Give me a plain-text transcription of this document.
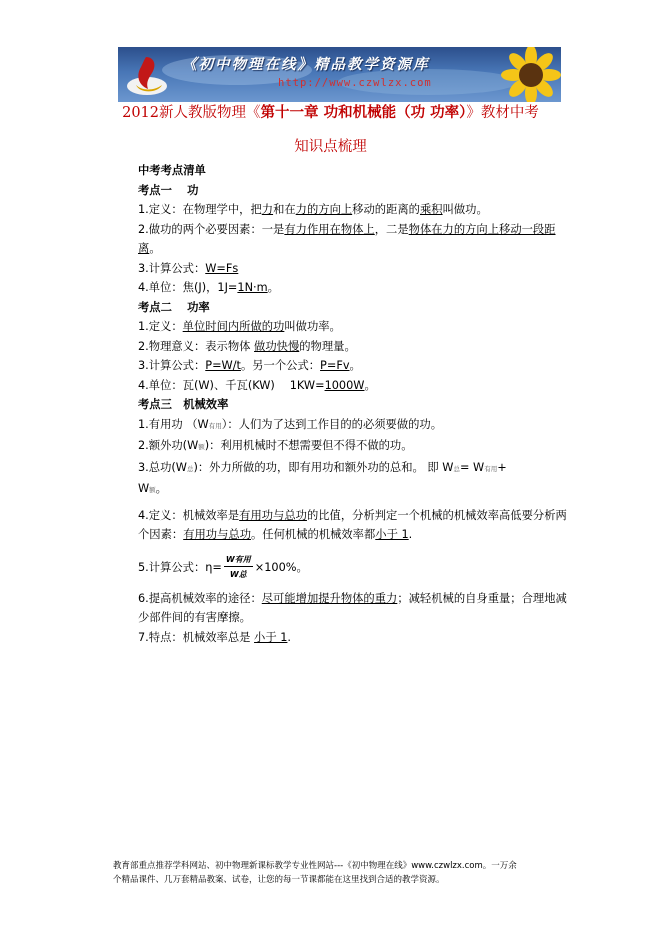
《初中物理在线》精品教学资源库
http://www.czwlzx.com
2012新人教版物理《第十一章 功和机械能（功 功率）》教材中考
知识点梳理

中考考点清单

考点一　 功

1.定义：在物理学中，把力和在力的方向上移动的距离的乘积叫做功。

2.做功的两个必要因素：一是有力作用在物体上，二是物体在力的方向上移动一段距离。

3.计算公式：W=Fs

4.单位：焦(J)，1J=1N·m。

考点二　 功率

1.定义：单位时间内所做的功叫做功率。

2.物理意义：表示物体 做功快慢的物理量。

3.计算公式：P=W/t。另一个公式：P=Fv。

4.单位：瓦(W)、千瓦(KW)　 1KW=1000W。

考点三　机械效率

1.有用功 （W有用）：人们为了达到工作目的的必须要做的功。

2.额外功(W额)：利用机械时不想需要但不得不做的功。

3.总功(W总)：外力所做的功，即有用功和额外功的总和。 即 W总= W有用+
W额。

4.定义：机械效率是有用功与总功的比值，分析判定一个机械的机械效率高低要分析两个因素：有用功与总功。任何机械的机械效率都小于 1.

5.计算公式：$\eta= \frac{\text{W有用}}{\text{W总}} \times 100\%$。

6.提高机械效率的途径：尽可能增加提升物体的重力；减轻机械的自身重量；合理地减少部件间的有害摩擦。

7.特点：机械效率总是 小于 1.

教育部重点推荐学科网站、初中物理新课标教学专业性网站---《初中物理在线》www.czwlzx.com。一万余
个精品课件、几万套精品教案、试卷，让您的每一节课都能在这里找到合适的教学资源。
